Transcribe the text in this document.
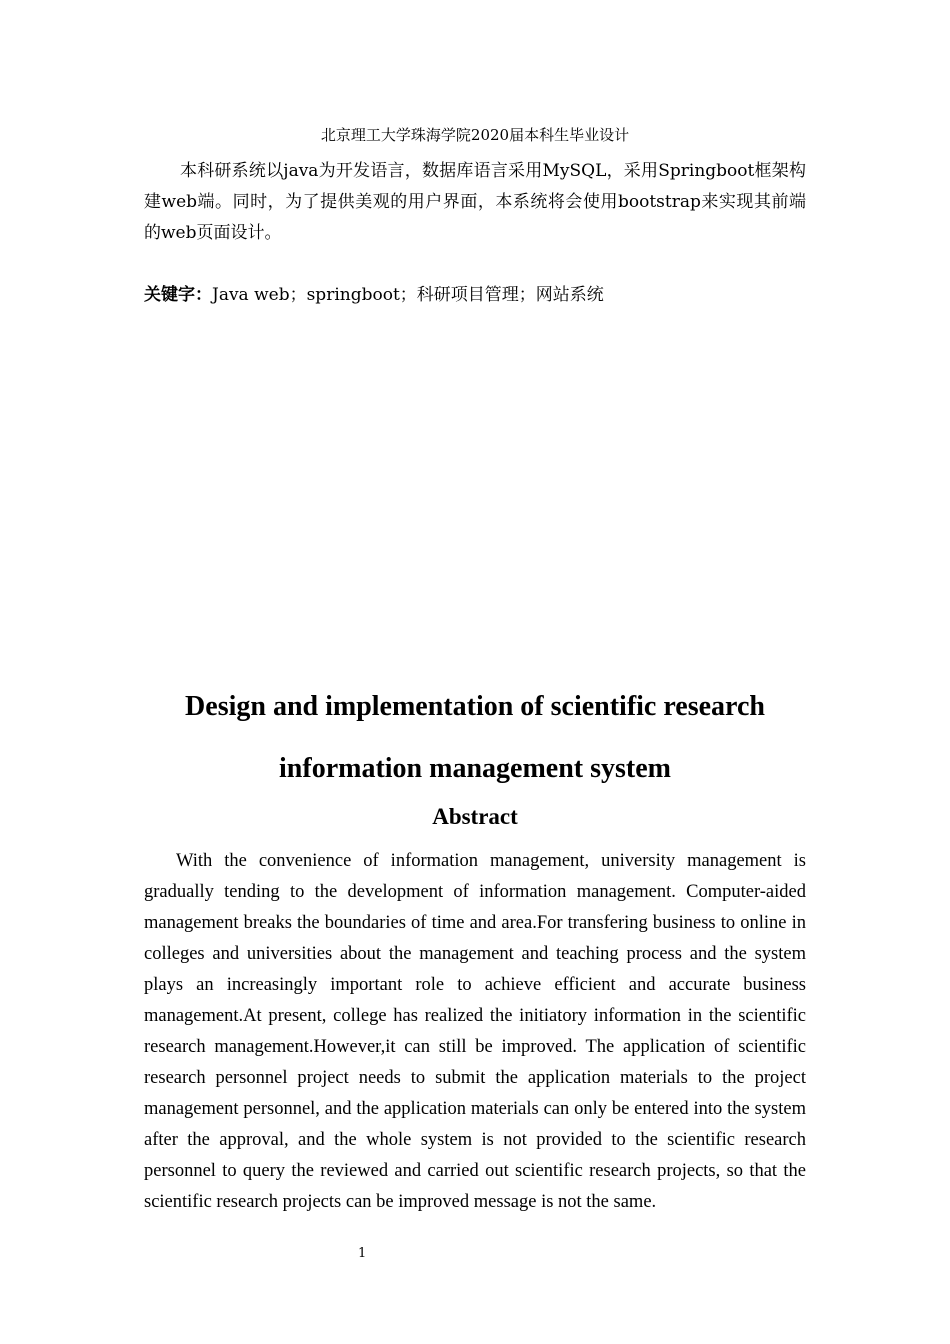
北京理工大学珠海学院2020届本科生毕业设计
本科研系统以java为开发语言，数据库语言采用MySQL，采用Springboot框架构建web端。同时，为了提供美观的用户界面，本系统将会使用bootstrap来实现其前端的web页面设计。
关键字：Java web；springboot；科研项目管理；网站系统
Design and implementation of scientific research
information management system
Abstract
With the convenience of information management, university management is gradually tending to the development of information management. Computer-aided management breaks the boundaries of time and area.For transfering business to online in colleges and universities about the management and teaching process and the system plays an increasingly important role to achieve efficient and accurate business management.At present, college has realized the initiatory information in the scientific research management.However,it can still be improved. The application of scientific research personnel project needs to submit the application materials to the project management personnel, and the application materials can only be entered into the system after the approval, and the whole system is not provided to the scientific research personnel to query the reviewed and carried out scientific research projects, so that the scientific research projects can be improved message is not the same.
1
